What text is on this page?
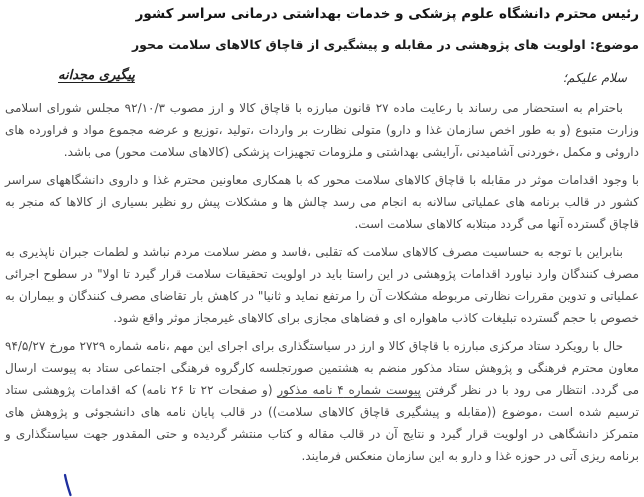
رئیس محترم دانشگاه علوم پزشکی و خدمات بهداشتی درمانی سراسر کشور
موضوع: اولویت های پژوهشی در مقابله و پیشگیری از قاچاق کالاهای سلامت محور
سلام علیکم؛
پیگیری مجدانه

باحترام به استحضار می رساند با رعایت ماده ۲۷ قانون مبارزه با قاچاق کالا و ارز مصوب ۹۲/۱۰/۳ مجلس شورای اسلامی وزارت متبوع (و به طور اخص سازمان غذا و دارو) متولی نظارت بر واردات ،تولید ،توزیع و عرضه مجموع مواد و فراورده های داروئی و مکمل ،خوردنی آشامیدنی ،آرایشی بهداشتی و ملزومات تجهیزات پزشکی (کالاهای سلامت محور) می باشد.

با وجود اقدامات موثر در مقابله با قاچاق کالاهای سلامت محور که با همکاری معاونین محترم غذا و داروی دانشگاههای سراسر کشور در قالب برنامه های عملیاتی سالانه به انجام می رسد چالش ها و مشکلات پیش رو نظیر بسیاری از کالاها که منجر به قاچاق گسترده آنها می گردد مبتلابه کالاهای سلامت است.

بنابراین با توجه به حساسیت مصرف کالاهای سلامت که تقلبی ،فاسد و مضر سلامت مردم نباشد و لطمات جبران ناپذیری به مصرف کنندگان وارد نیاورد اقدامات پژوهشی در این راستا باید در اولویت تحقیقات سلامت قرار گیرد تا اولا" در سطوح اجرائی عملیاتی و تدوین مقررات نظارتی مربوطه مشکلات آن را مرتفع نماید و ثانیا" در کاهش بار تقاضای مصرف کنندگان و بیماران به خصوص با حجم گسترده تبلیغات کاذب ماهواره ای و فضاهای مجازی برای کالاهای غیرمجاز موثر واقع شود.

حال با رویکرد ستاد مرکزی مبارزه با قاچاق کالا و ارز در سیاستگذاری برای اجرای این مهم ،نامه شماره ۲۷۲۹ مورخ ۹۴/۵/۲۷ معاون محترم فرهنگی و پژوهش ستاد مذکور منضم به هشتمین صورتجلسه کارگروه فرهنگی اجتماعی ستاد به پیوست ارسال می گردد. انتظار می رود با در نظر گرفتن پیوست شماره ۴ نامه مذکور (و صفحات ۲۲ تا ۲۶ نامه) که اقدامات پژوهشی ستاد ترسیم شده است ،موضوع ((مقابله و پیشگیری قاچاق کالاهای سلامت)) در قالب پایان نامه های دانشجوئی و پژوهش های متمرکز دانشگاهی در اولویت قرار گیرد و نتایج آن در قالب مقاله و کتاب منتشر گردیده و حتی المقدور جهت سیاستگذاری و برنامه ریزی آتی در حوزه غذا و دارو به این سازمان منعکس فرمایند.
